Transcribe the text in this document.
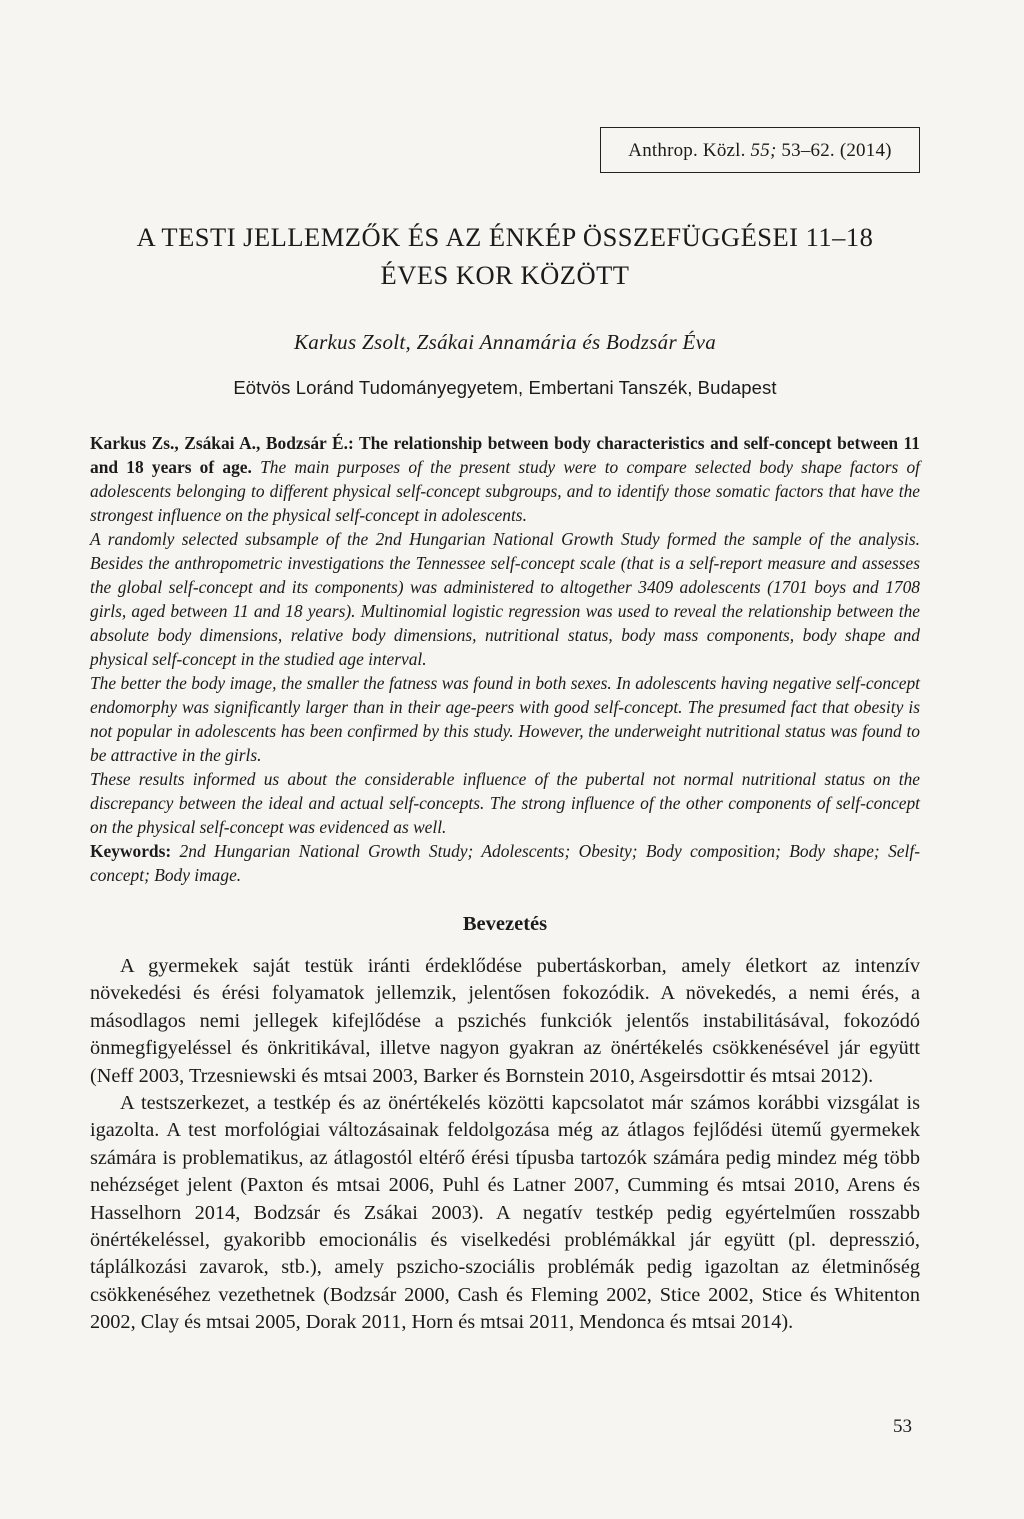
Anthrop. Közl. 55; 53–62. (2014)
A TESTI JELLEMZŐK ÉS AZ ÉNKÉP ÖSSZEFÜGGÉSEI 11–18
ÉVES KOR KÖZÖTT
Karkus Zsolt, Zsákai Annamária és Bodzsár Éva
Eötvös Loránd Tudományegyetem, Embertani Tanszék, Budapest

Karkus Zs., Zsákai A., Bodzsár É.: The relationship between body characteristics and self-concept between 11 and 18 years of age. The main purposes of the present study were to compare selected body shape factors of adolescents belonging to different physical self-concept subgroups, and to identify those somatic factors that have the strongest influence on the physical self-concept in adolescents.

A randomly selected subsample of the 2nd Hungarian National Growth Study formed the sample of the analysis. Besides the anthropometric investigations the Tennessee self-concept scale (that is a self-report measure and assesses the global self-concept and its components) was administered to altogether 3409 adolescents (1701 boys and 1708 girls, aged between 11 and 18 years). Multinomial logistic regression was used to reveal the relationship between the absolute body dimensions, relative body dimensions, nutritional status, body mass components, body shape and physical self-concept in the studied age interval.

The better the body image, the smaller the fatness was found in both sexes. In adolescents having negative self-concept endomorphy was significantly larger than in their age-peers with good self-concept. The presumed fact that obesity is not popular in adolescents has been confirmed by this study. However, the underweight nutritional status was found to be attractive in the girls.

These results informed us about the considerable influence of the pubertal not normal nutritional status on the discrepancy between the ideal and actual self-concepts. The strong influence of the other components of self-concept on the physical self-concept was evidenced as well.

Keywords: 2nd Hungarian National Growth Study; Adolescents; Obesity; Body composition; Body shape; Self-concept; Body image.

Bevezetés

A gyermekek saját testük iránti érdeklődése pubertáskorban, amely életkort az intenzív növekedési és érési folyamatok jellemzik, jelentősen fokozódik. A növekedés, a nemi érés, a másodlagos nemi jellegek kifejlődése a pszichés funkciók jelentős instabilitásával, fokozódó önmegfigyeléssel és önkritikával, illetve nagyon gyakran az önértékelés csökkenésével jár együtt (Neff 2003, Trzesniewski és mtsai 2003, Barker és Bornstein 2010, Asgeirsdottir és mtsai 2012).

A testszerkezet, a testkép és az önértékelés közötti kapcsolatot már számos korábbi vizsgálat is igazolta. A test morfológiai változásainak feldolgozása még az átlagos fejlődési ütemű gyermekek számára is problematikus, az átlagostól eltérő érési típusba tartozók számára pedig mindez még több nehézséget jelent (Paxton és mtsai 2006, Puhl és Latner 2007, Cumming és mtsai 2010, Arens és Hasselhorn 2014, Bodzsár és Zsákai 2003). A negatív testkép pedig egyértelműen rosszabb önértékeléssel, gyakoribb emocionális és viselkedési problémákkal jár együtt (pl. depresszió, táplálkozási zavarok, stb.), amely pszicho-szociális problémák pedig igazoltan az életminőség csökkenéséhez vezethetnek (Bodzsár 2000, Cash és Fleming 2002, Stice 2002, Stice és Whitenton 2002, Clay és mtsai 2005, Dorak 2011, Horn és mtsai 2011, Mendonca és mtsai 2014).

53
